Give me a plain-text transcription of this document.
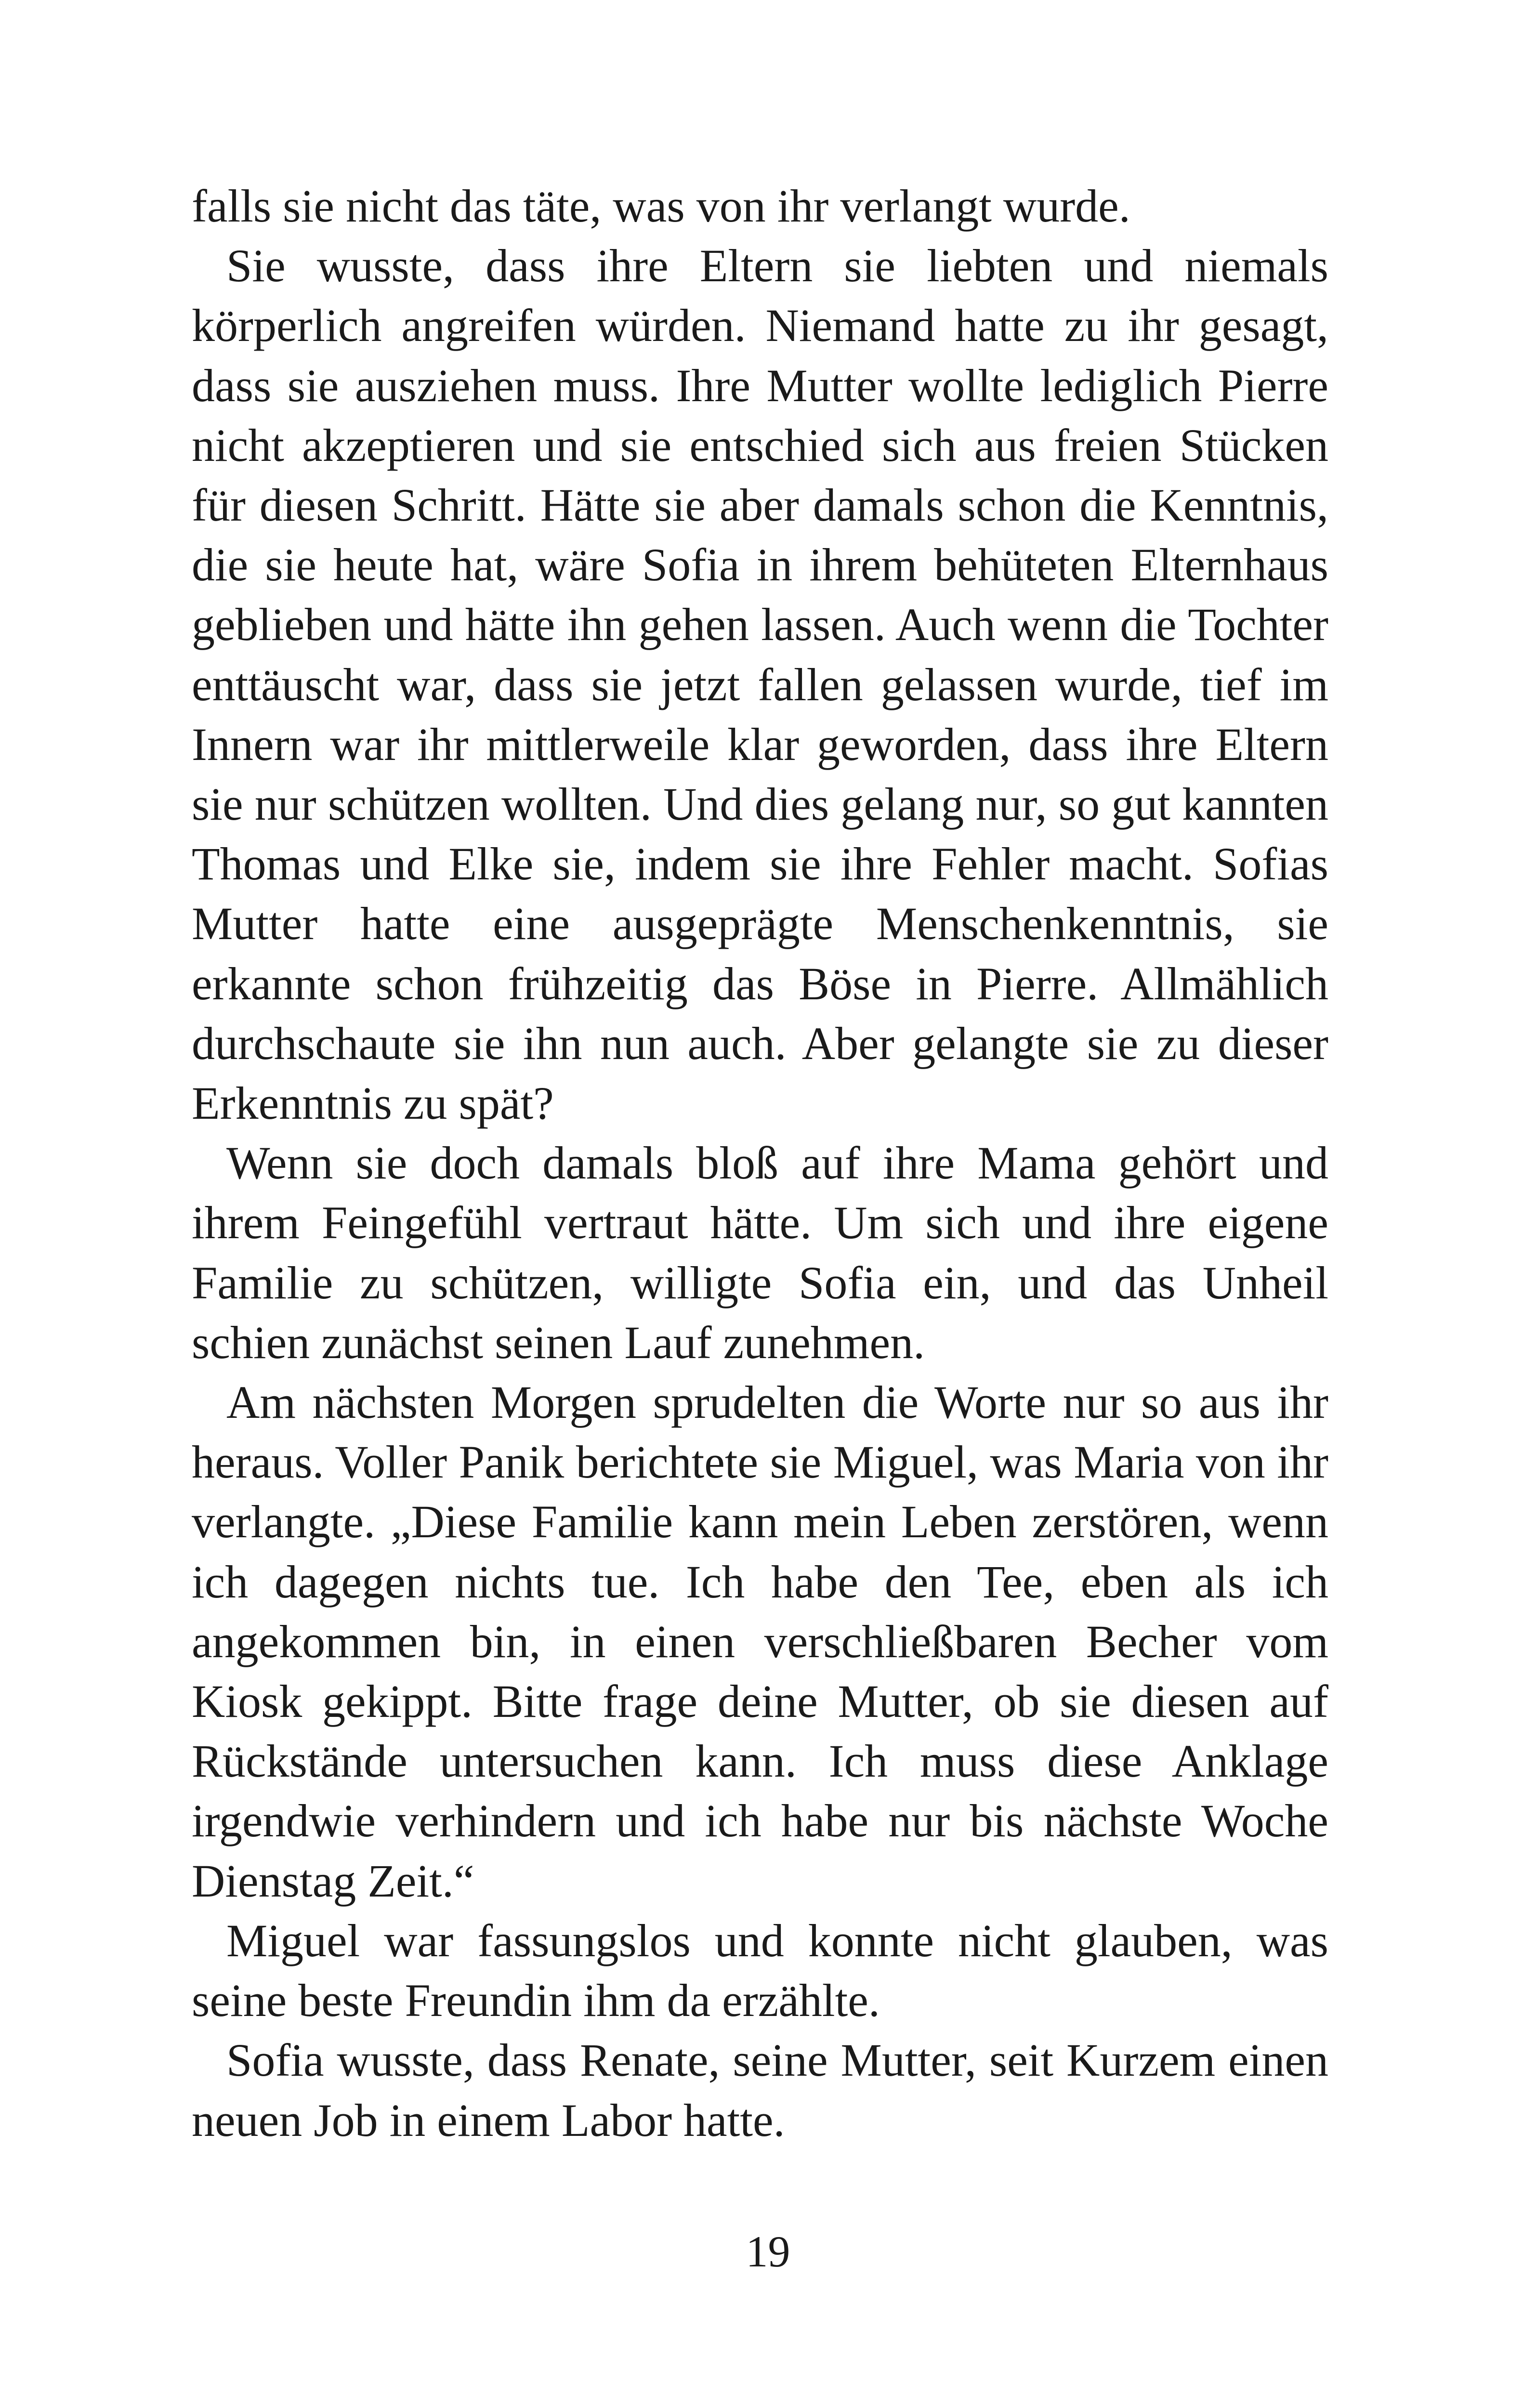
falls sie nicht das täte, was von ihr verlangt wurde.

Sie wusste, dass ihre Eltern sie liebten und niemals körperlich angreifen würden. Niemand hatte zu ihr gesagt, dass sie ausziehen muss. Ihre Mutter wollte lediglich Pierre nicht akzeptieren und sie entschied sich aus freien Stücken für diesen Schritt. Hätte sie aber damals schon die Kenntnis, die sie heute hat, wäre Sofia in ihrem behüteten Elternhaus geblieben und hätte ihn gehen lassen. Auch wenn die Tochter enttäuscht war, dass sie jetzt fallen gelassen wurde, tief im Innern war ihr mittlerweile klar geworden, dass ihre Eltern sie nur schützen wollten. Und dies gelang nur, so gut kannten Thomas und Elke sie, indem sie ihre Fehler macht. Sofias Mutter hatte eine ausgeprägte Menschenkenntnis, sie erkannte schon frühzeitig das Böse in Pierre. Allmählich durchschaute sie ihn nun auch. Aber gelangte sie zu dieser Erkenntnis zu spät?

Wenn sie doch damals bloß auf ihre Mama gehört und ihrem Feingefühl vertraut hätte. Um sich und ihre eigene Familie zu schützen, willigte Sofia ein, und das Unheil schien zunächst seinen Lauf zunehmen.

Am nächsten Morgen sprudelten die Worte nur so aus ihr heraus. Voller Panik berichtete sie Miguel, was Maria von ihr verlangte. „Diese Familie kann mein Leben zerstören, wenn ich dagegen nichts tue. Ich habe den Tee, eben als ich angekommen bin, in einen verschließbaren Becher vom Kiosk gekippt. Bitte frage deine Mutter, ob sie diesen auf Rückstände untersuchen kann. Ich muss diese Anklage irgendwie verhindern und ich habe nur bis nächste Woche Dienstag Zeit.“

Miguel war fassungslos und konnte nicht glauben, was seine beste Freundin ihm da erzählte.

Sofia wusste, dass Renate, seine Mutter, seit Kurzem einen neuen Job in einem Labor hatte.

19
